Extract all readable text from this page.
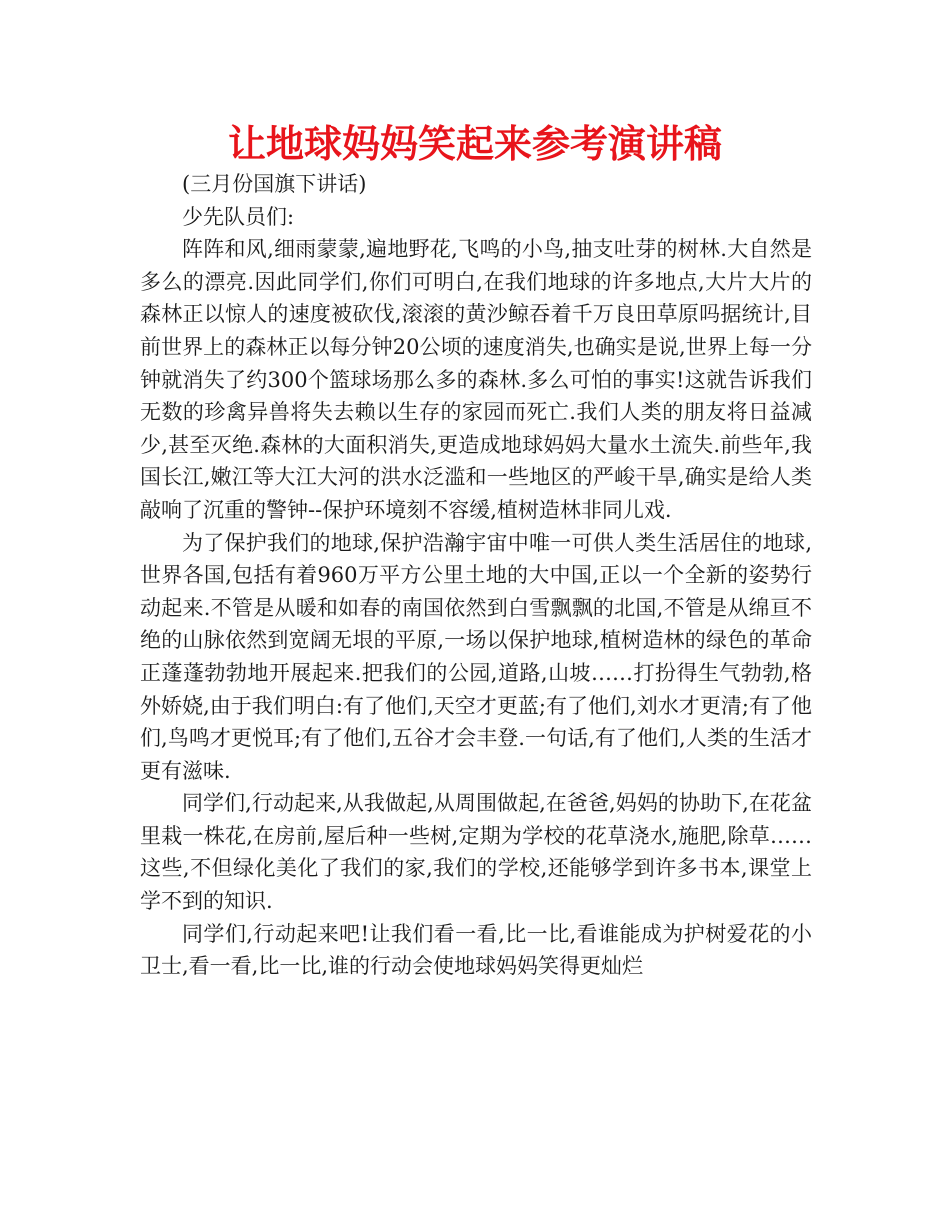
让地球妈妈笑起来参考演讲稿

(三月份国旗下讲话)

少先队员们:

阵阵和风,细雨蒙蒙,遍地野花,飞鸣的小鸟,抽支吐芽的树林.大自然是多么的漂亮.因此同学们,你们可明白,在我们地球的许多地点,大片大片的森林正以惊人的速度被砍伐,滚滚的黄沙鲸吞着千万良田草原吗据统计,目前世界上的森林正以每分钟20公顷的速度消失,也确实是说,世界上每一分钟就消失了约300个篮球场那么多的森林.多么可怕的事实!这就告诉我们无数的珍禽异兽将失去赖以生存的家园而死亡.我们人类的朋友将日益减少,甚至灭绝.森林的大面积消失,更造成地球妈妈大量水土流失.前些年,我国长江,嫩江等大江大河的洪水泛滥和一些地区的严峻干旱,确实是给人类敲响了沉重的警钟--保护环境刻不容缓,植树造林非同儿戏.

为了保护我们的地球,保护浩瀚宇宙中唯一可供人类生活居住的地球,世界各国,包括有着960万平方公里土地的大中国,正以一个全新的姿势行动起来.不管是从暖和如春的南国依然到白雪飘飘的北国,不管是从绵亘不绝的山脉依然到宽阔无垠的平原,一场以保护地球,植树造林的绿色的革命正蓬蓬勃勃地开展起来.把我们的公园,道路,山坡……打扮得生气勃勃,格外娇娆,由于我们明白:有了他们,天空才更蓝;有了他们,刘水才更清;有了他们,鸟鸣才更悦耳;有了他们,五谷才会丰登.一句话,有了他们,人类的生活才更有滋味.

同学们,行动起来,从我做起,从周围做起,在爸爸,妈妈的协助下,在花盆里栽一株花,在房前,屋后种一些树,定期为学校的花草浇水,施肥,除草……这些,不但绿化美化了我们的家,我们的学校,还能够学到许多书本,课堂上学不到的知识.

同学们,行动起来吧!让我们看一看,比一比,看谁能成为护树爱花的小卫士,看一看,比一比,谁的行动会使地球妈妈笑得更灿烂
